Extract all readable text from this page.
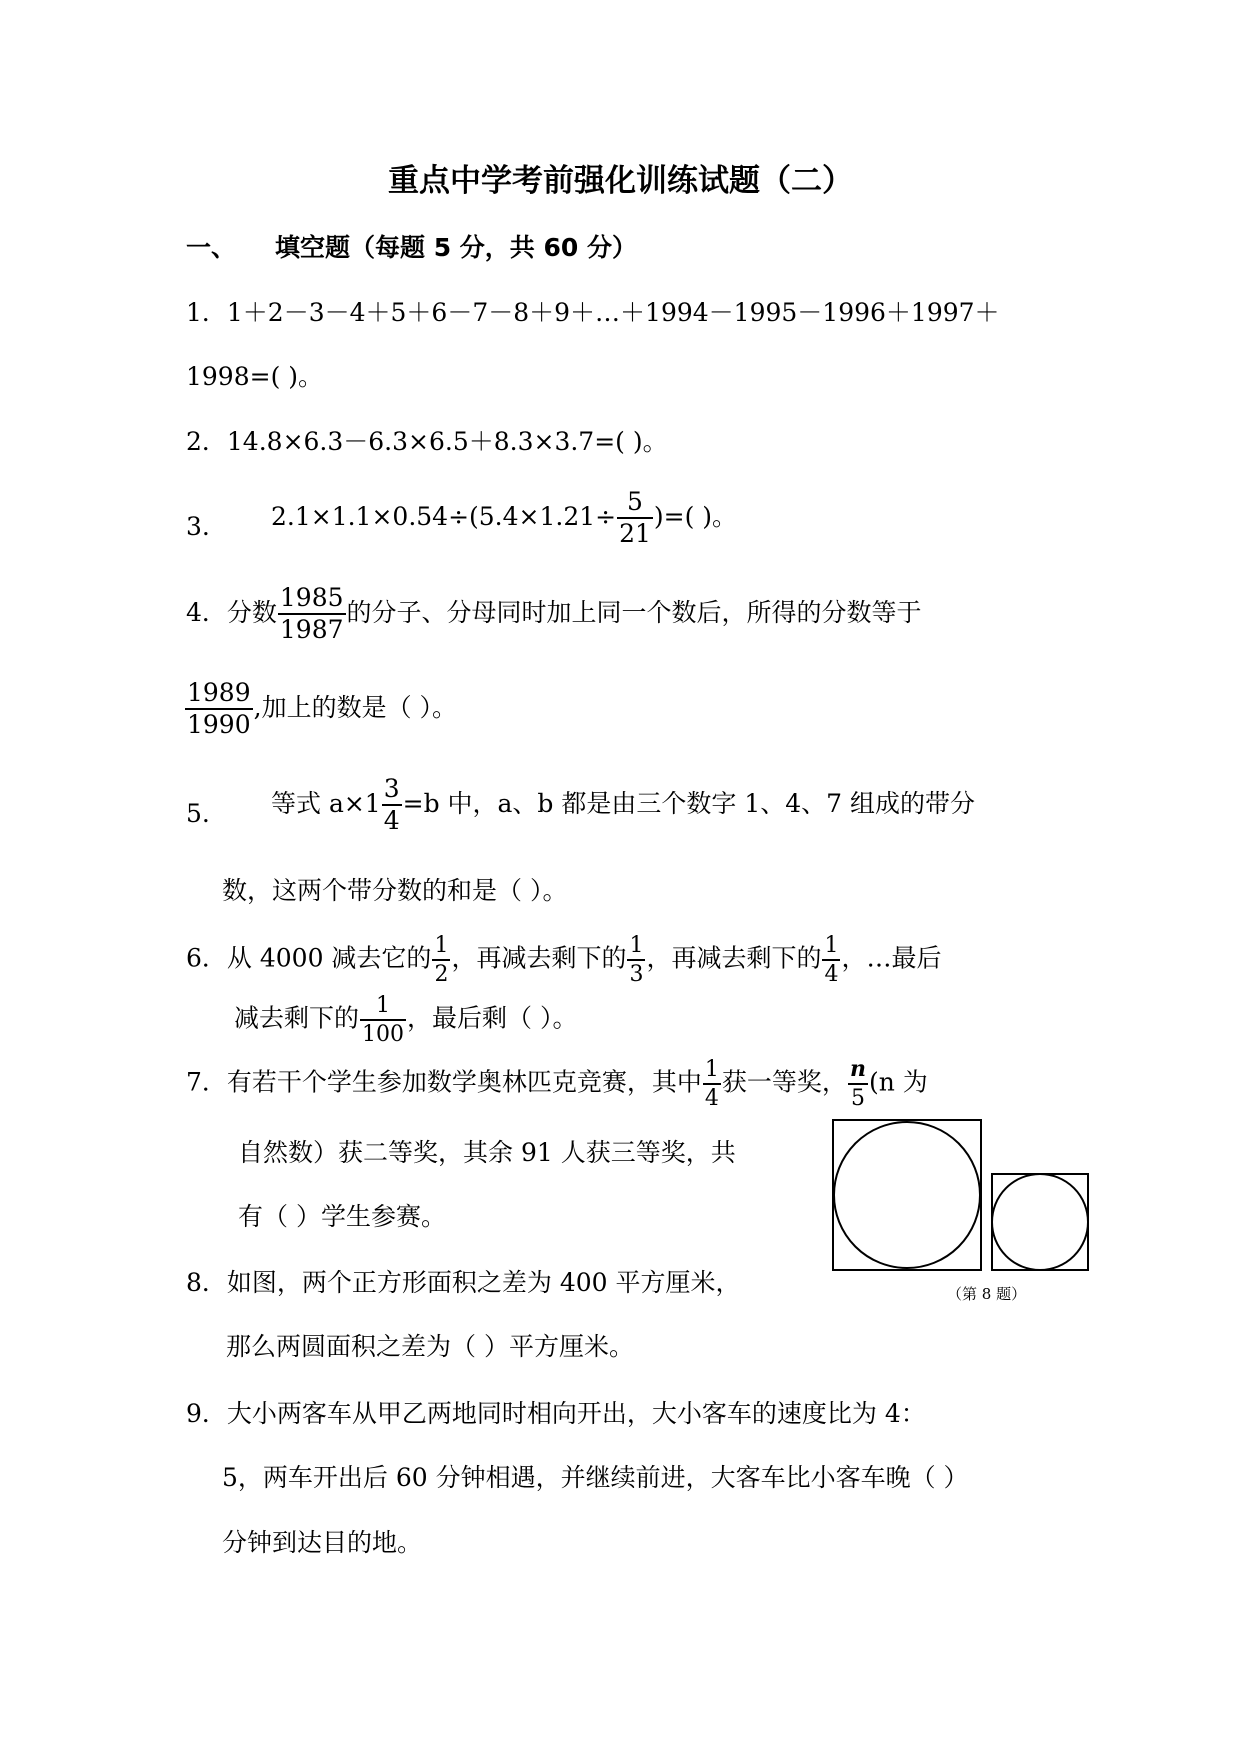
重点中学考前强化训练试题（二）
一、 填空题（每题 5 分，共 60 分）
1．1＋2－3－4＋5＋6－7－8＋9＋…＋1994－1995－1996＋1997＋
1998=( )。
2．14.8×6.3－6.3×6.5＋8.3×3.7=( )。
3. $2.1\times 1.1\times 0.54\div(5.4\times 1.21\div \frac{5}{21}$ )=( )。
4．分数 $\frac{1985}{1987}$ 的分子、分母同时加上同一个数后，所得的分数等于
$\frac{1989}{1990}$ ,加上的数是（ ）。
5. 等式 $a\times 1 \frac{3}{4} =b$ 中，a、b 都是由三个数字 1、4、7 组成的带分
数，这两个带分数的和是（ ）。
6．从 4000 减去它的 $\frac{1}{2}$ ，再减去剩下的 $\frac{1}{3}$ ，再减去剩下的 $\frac{1}{4}$ ，…最后
减去剩下的 $\frac{1}{100}$ ，最后剩（ ）。
7．有若干个学生参加数学奥林匹克竞赛，其中 $\frac{1}{4}$ 获一等奖， $\frac{n}{5} (n$ 为
自然数）获二等奖，其余 91 人获三等奖，共
有（ ）学生参赛。
（第 8 题）
8．如图，两个正方形面积之差为 400 平方厘米，
那么两圆面积之差为（ ）平方厘米。
9．大小两客车从甲乙两地同时相向开出，大小客车的速度比为 4：
5，两车开出后 60 分钟相遇，并继续前进，大客车比小客车晚（ ）
分钟到达目的地。
